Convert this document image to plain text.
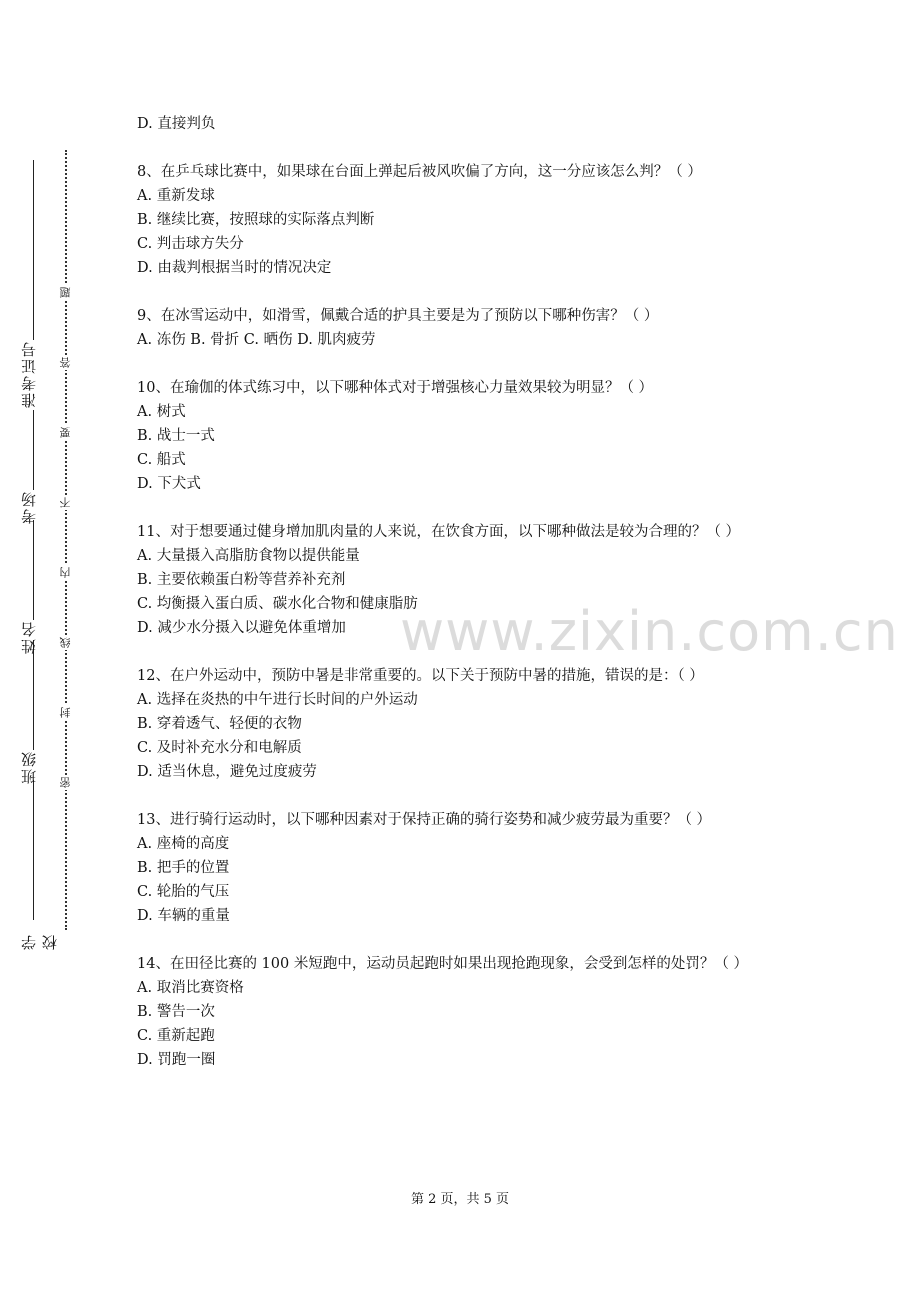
学校
班级
姓名
考场
准考证号
密
封
线
内
不
要
答
题
www.zixin.com.cn

D. 直接判负

8、在乒乓球比赛中，如果球在台面上弹起后被风吹偏了方向，这一分应该怎么判？（ ）

A. 重新发球

B. 继续比赛，按照球的实际落点判断

C. 判击球方失分

D. 由裁判根据当时的情况决定

9、在冰雪运动中，如滑雪，佩戴合适的护具主要是为了预防以下哪种伤害？（ ）

A. 冻伤 B. 骨折 C. 晒伤 D. 肌肉疲劳

10、在瑜伽的体式练习中，以下哪种体式对于增强核心力量效果较为明显？（ ）

A. 树式

B. 战士一式

C. 船式

D. 下犬式

11、对于想要通过健身增加肌肉量的人来说，在饮食方面，以下哪种做法是较为合理的？（ ）

A. 大量摄入高脂肪食物以提供能量

B. 主要依赖蛋白粉等营养补充剂

C. 均衡摄入蛋白质、碳水化合物和健康脂肪

D. 减少水分摄入以避免体重增加

12、在户外运动中，预防中暑是非常重要的。以下关于预防中暑的措施，错误的是：（ ）

A. 选择在炎热的中午进行长时间的户外运动

B. 穿着透气、轻便的衣物

C. 及时补充水分和电解质

D. 适当休息，避免过度疲劳

13、进行骑行运动时，以下哪种因素对于保持正确的骑行姿势和减少疲劳最为重要？（ ）

A. 座椅的高度

B. 把手的位置

C. 轮胎的气压

D. 车辆的重量

14、在田径比赛的 100 米短跑中，运动员起跑时如果出现抢跑现象，会受到怎样的处罚？（ ）

A. 取消比赛资格

B. 警告一次

C. 重新起跑

D. 罚跑一圈

第 2 页，共 5 页
